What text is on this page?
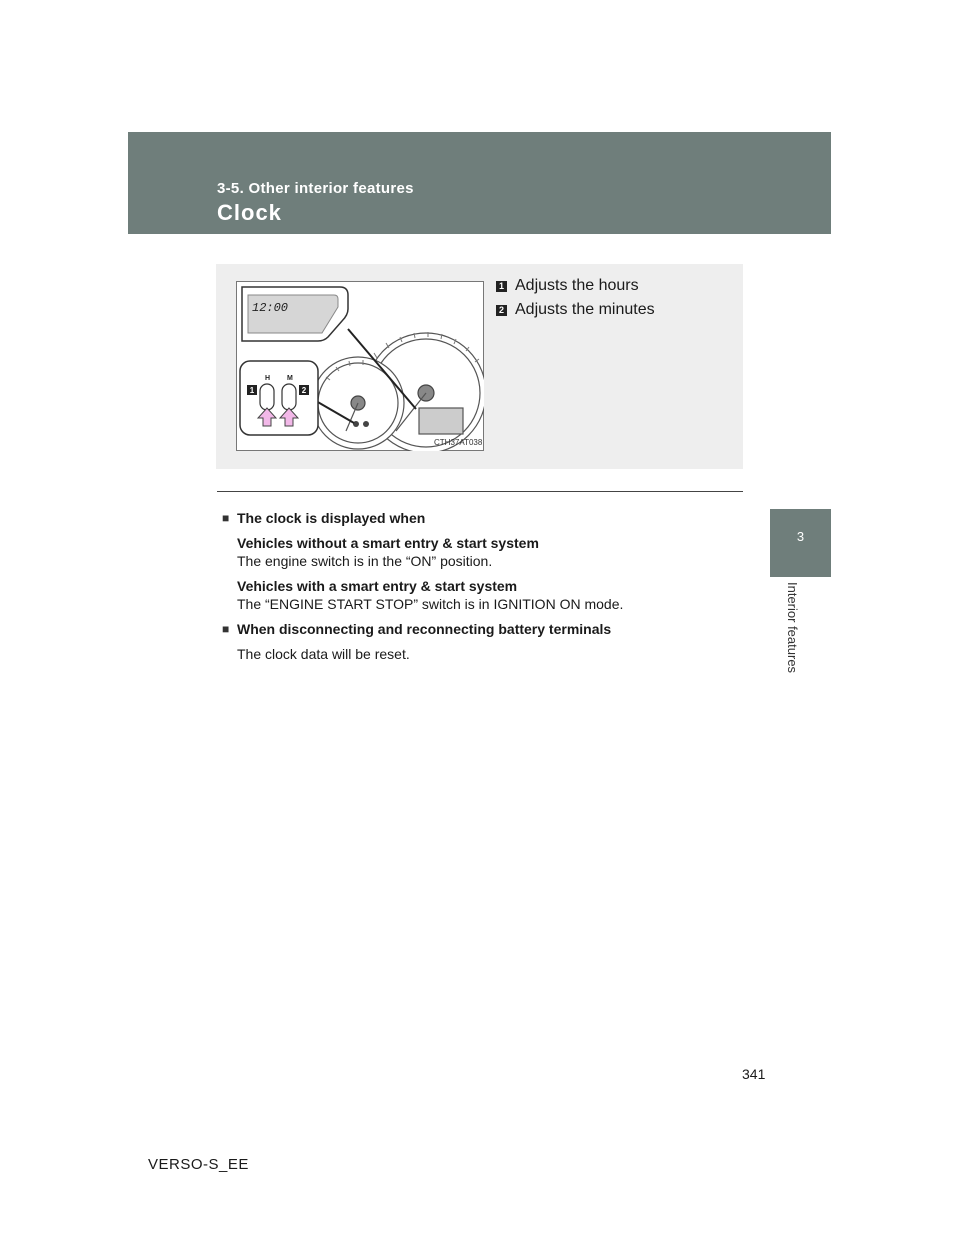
3-5. Other interior features
Clock
3
Interior features
12:00
H M
1	2
CTH37AT038
1 Adjusts the hours
2 Adjusts the minutes
■ The clock is displayed when
Vehicles without a smart entry & start system
The engine switch is in the “ON” position.
Vehicles with a smart entry & start system
The “ENGINE START STOP” switch is in IGNITION ON mode.
■ When disconnecting and reconnecting battery terminals
The clock data will be reset.
341
VERSO-S_EE
